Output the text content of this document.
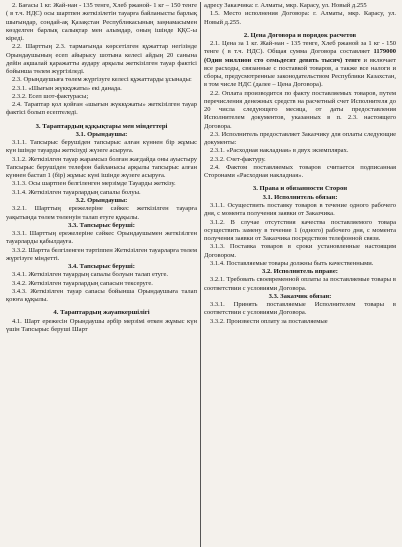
2. Бағасы 1 кг. Жай-нан - 135 тенге, Хлеб ржаной- 1 кг – 150 тенге ( в т.ч. НДС) осы шартпен жеткізілетін тауарға байланысты барлық шығындар, сондай-ақ Қазақстан Республикасының заңнамасымен көзделген барлық салықтар мен алымдар, оның ішінде ҚҚС-ы кіреді.

2.2. Шарттың 2.3. тармағында көрсетілген құжаттар негізінде Орындаушының есеп айырысу шотына келесі айдың 20 санына дейін ақшалай қаражатты аудару арқылы жеткізілген тауар фактісі бойынша төлем жүргізіледі.

2.3. Орындаушыға төлем жүргізуге келесі құжаттарды ұсынады:

2.3.1. «Шығын жүккұжаты» екі данада.

2.3.2. Есеп шот-фактурасы;

2.4. Тараптар қол қойған «шығын жүккұжаты» жеткізілген тауар фактісі болып есептеледі.

3. Тараптардың құқықтары мен міндеттері
3.1. Орындаушы:

3.1.1. Тапсырыс берушіден тапсырыс алған күннен бір жұмыс күн ішінде тауарды жеткізуді жүзеге асыруға.

3.1.2. Жеткізілген тауар жарамсыз болған жағдайда оны ауыстыру Тапсырыс берушіден телефон байланысы арқылы тапсырыс алған күннен бастап 1 (бір) жұмыс күні ішінде жүзеге асыруға.

3.1.3. Осы шартпен белгіленген мерзімде Тауарды жеткізу.

3.1.4. Жеткізілген тауарлардың сапалы болуы.

3.2. Орындаушы:

3.2.1. Шарттың ережелеріне сәйкес жеткізілген тауарға уақытында төлем төленуін талап етуге құқылы.

3.3. Тапсырыс беруші:

3.3.1. Шарттың ережелеріне сәйкес Орындаушымен жеткізілген тауарларды қабылдауға.

3.3.2. Шартта белгіленген тәртіппен Жеткізілген тауарларға төлем жүргізуге міндетті.

3.4. Тапсырыс беруші:

3.4.1. Жеткізілген тауардың сапалы болуын талап етуге.

3.4.2. Жеткізілген тауарлардың сапасын тексеруге.

3.4.3. Жеткізілген тауар сапасы бойынша Орындаушыға талап қоюға құқылы.

4. Тараптардың жауапкершілігі

4.1. Шарт ережесін Орындаушы әрбір мерзімі өткен жұмыс күн үшін Тапсырыс беруші Шарт

адресу Заказчика: г. Алматы, мкр. Карасу, ул. Новый д.255

1.5. Место исполнения Договора: г. Алматы, мкр. Карасу, ул. Новый д.255.

2. Цена Договора и порядок расчетов

2.1. Цена за 1 кг. Жай-нан - 135 тенге, Хлеб ржаной за 1 кг - 150 тенге ( в т.ч. НДС). Общая сумма Договора составляет 1179000 (Один миллион сто семьдесят девять тысяч) тенге и включает все расходы, связанные с поставкой товаров, а также все налоги и сборы, предусмотренные законодательством Республики Казахстан, в том числе НДС (далее – Цена Договора).

2.2. Оплата производится по факту поставляемых товаров, путем перечисления денежных средств на расчетный счет Исполнителя до 20 числа следующего месяца, от даты предоставления Исполнителем документов, указанных в п. 2.3. настоящего Договора.

2.3. Исполнитель предоставляет Заказчику для оплаты следующие документы:

2.3.1. «Расходная накладная» в двух экземплярах.

2.3.2. Счет-фактуру.

2.4. Фактом поставляемых товаров считается подписанная Сторонами «Расходная накладная».

3. Права и обязанности Сторон
3.1. Исполнитель обязан:

3.1.1. Осуществить поставку товаров в течение одного рабочего дня, с момента получения заявки от Заказчика.

3.1.2. В случае отсутствия качества поставляемого товара осуществить замену в течение 1 (одного) рабочего дня, с момента получения заявки от Заказчика посредством телефонной связи.

3.1.3. Поставка товаров в сроки установленные настоящим Договором.

3.1.4. Поставляемые товары должны быть качественными.

3.2. Исполнитель вправе:

3.2.1. Требовать своевременной оплаты за поставляемые товары в соответствии с условиями Договора.

3.3. Заказчик обязан:

3.3.1. Принять поставляемые Исполнителем товары в соответствии с условиями Договора.

3.3.2. Произвести оплату за поставляемые
